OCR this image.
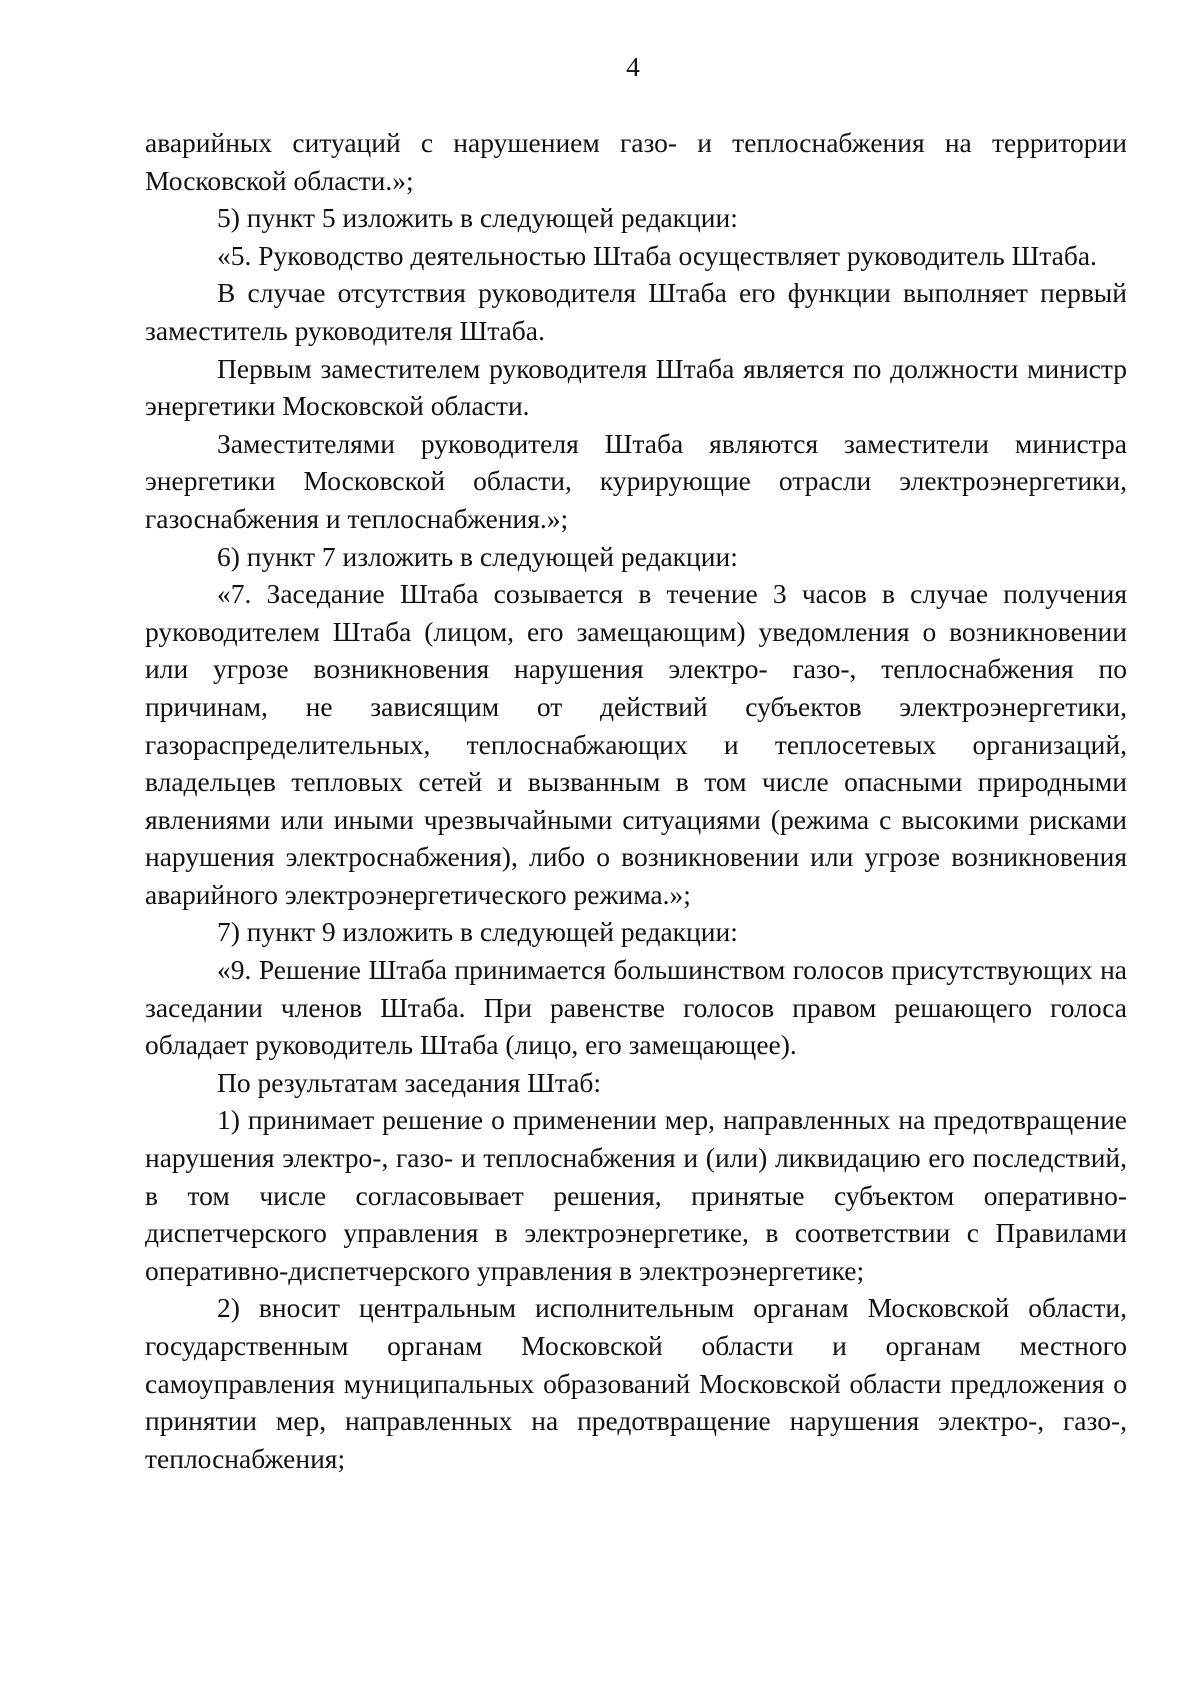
4

аварийных ситуаций с нарушением газо- и теплоснабжения на территории Московской области.»;

5) пункт 5 изложить в следующей редакции:

«5. Руководство деятельностью Штаба осуществляет руководитель Штаба.

В случае отсутствия руководителя Штаба его функции выполняет первый заместитель руководителя Штаба.

Первым заместителем руководителя Штаба является по должности министр энергетики Московской области.

Заместителями руководителя Штаба являются заместители министра энергетики Московской области, курирующие отрасли электроэнергетики, газоснабжения и теплоснабжения.»;

6) пункт 7 изложить в следующей редакции:

«7. Заседание Штаба созывается в течение 3 часов в случае получения руководителем Штаба (лицом, его замещающим) уведомления о возникновении или угрозе возникновения нарушения электро- газо-, теплоснабжения по причинам, не зависящим от действий субъектов электроэнергетики, газораспределительных, теплоснабжающих и теплосетевых организаций, владельцев тепловых сетей и вызванным в том числе опасными природными явлениями или иными чрезвычайными ситуациями (режима с высокими рисками нарушения электроснабжения), либо о возникновении или угрозе возникновения аварийного электроэнергетического режима.»;

7) пункт 9 изложить в следующей редакции:

«9. Решение Штаба принимается большинством голосов присутствующих на заседании членов Штаба. При равенстве голосов правом решающего голоса обладает руководитель Штаба (лицо, его замещающее).

По результатам заседания Штаб:

1) принимает решение о применении мер, направленных на предотвращение нарушения электро-, газо- и теплоснабжения и (или) ликвидацию его последствий, в том числе согласовывает решения, принятые субъектом оперативно-диспетчерского управления в электроэнергетике, в соответствии с Правилами оперативно-диспетчерского управления в электроэнергетике;

2) вносит центральным исполнительным органам Московской области, государственным органам Московской области и органам местного самоуправления муниципальных образований Московской области предложения о принятии мер, направленных на предотвращение нарушения электро-, газо-, теплоснабжения;
